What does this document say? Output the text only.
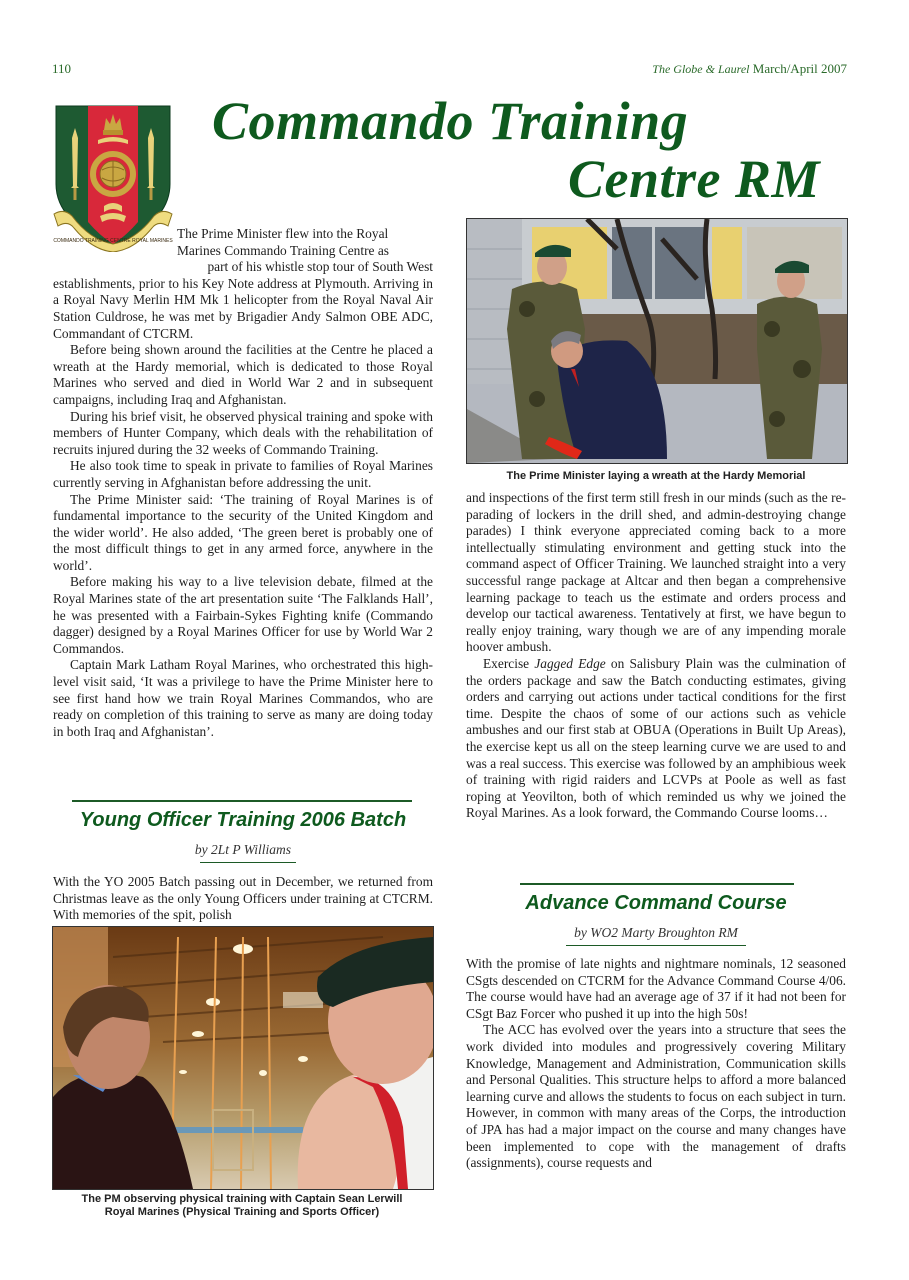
110	The Globe & Laurel March/April 2007
Commando Training
Centre RM
COMMANDO TRAINING CENTRE ROYAL MARINES The Prime Minister flew into the Royal
Marines Commando Training Centre as
part of his whistle stop tour of South West

establishments, prior to his Key Note address at Plymouth. Arriving in a Royal Navy Merlin HM Mk 1 helicopter from the Royal Naval Air Station Culdrose, he was met by Brigadier Andy Salmon OBE ADC, Commandant of CTCRM.

Before being shown around the facilities at the Centre he placed a wreath at the Hardy memorial, which is dedicated to those Royal Marines who served and died in World War 2 and in subsequent campaigns, including Iraq and Afghanistan.

During his brief visit, he observed physical training and spoke with members of Hunter Company, which deals with the rehabilitation of recruits injured during the 32 weeks of Commando Training.

He also took time to speak in private to families of Royal Marines currently serving in Afghanistan before addressing the unit.

The Prime Minister said: ‘The training of Royal Marines is of fundamental importance to the security of the United Kingdom and the wider world’. He also added, ‘The green beret is probably one of the most difficult things to get in any armed force, anywhere in the world’.

Before making his way to a live television debate, filmed at the Royal Marines state of the art presentation suite ‘The Falklands Hall’, he was presented with a Fairbain-Sykes Fighting knife (Commando dagger) designed by a Royal Marines Officer for use by World War 2 Commandos.

Captain Mark Latham Royal Marines, who orchestrated this high-level visit said, ‘It was a privilege to have the Prime Minister here to see first hand how we train Royal Marines Commandos, who are ready on completion of this training to serve as many are doing today in both Iraq and Afghanistan’.

Young Officer Training 2006 Batch
by 2Lt P Williams

With the YO 2005 Batch passing out in December, we returned from Christmas leave as the only Young Officers under training at CTCRM. With memories of the spit, polish

The PM observing physical training with Captain Sean Lerwill
Royal Marines (Physical Training and Sports Officer)
The Prime Minister laying a wreath at the Hardy Memorial

and inspections of the first term still fresh in our minds (such as the re-parading of lockers in the drill shed, and admin-destroying change parades) I think everyone appreciated coming back to a more intellectually stimulating environment and getting stuck into the command aspect of Officer Training. We launched straight into a very successful range package at Altcar and then began a comprehensive learning package to teach us the estimate and orders process and develop our tactical awareness. Tentatively at first, we have begun to really enjoy training, wary though we are of any impending morale hoover ambush.

Exercise Jagged Edge on Salisbury Plain was the culmination of the orders package and saw the Batch conducting estimates, giving orders and carrying out actions under tactical conditions for the first time. Despite the chaos of some of our actions such as vehicle ambushes and our first stab at OBUA (Operations in Built Up Areas), the exercise kept us all on the steep learning curve we are used to and was a real success. This exercise was followed by an amphibious week of training with rigid raiders and LCVPs at Poole as well as fast roping at Yeovilton, both of which reminded us why we joined the Royal Marines. As a look forward, the Commando Course looms…

Advance Command Course
by WO2 Marty Broughton RM

With the promise of late nights and nightmare nominals, 12 seasoned CSgts descended on CTCRM for the Advance Command Course 4/06. The course would have had an average age of 37 if it had not been for CSgt Baz Forcer who pushed it up into the high 50s!

The ACC has evolved over the years into a structure that sees the work divided into modules and progressively covering Military Knowledge, Management and Administration, Communication skills and Personal Qualities. This structure helps to afford a more balanced learning curve and allows the students to focus on each subject in turn. However, in common with many areas of the Corps, the introduction of JPA has had a major impact on the course and many changes have been implemented to cope with the management of drafts (assignments), course requests and
